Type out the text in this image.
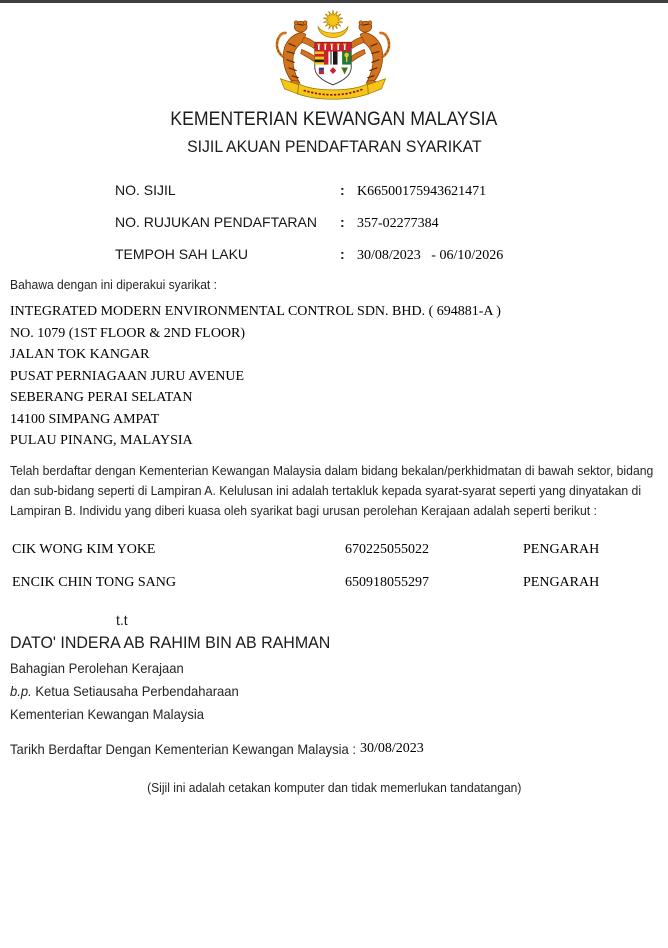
KEMENTERIAN KEWANGAN MALAYSIA
SIJIL AKUAN PENDAFTARAN SYARIKAT
NO. SIJIL	: K66500175943621471
NO. RUJUKAN PENDAFTARAN	: 357-02277384
TEMPOH SAH LAKU	: 30/08/2023   - 06/10/2026
Bahawa dengan ini diperakui syarikat :
INTEGRATED MODERN ENVIRONMENTAL CONTROL SDN. BHD. ( 694881-A )
NO. 1079 (1ST FLOOR & 2ND FLOOR)
JALAN TOK KANGAR
PUSAT PERNIAGAAN JURU AVENUE
SEBERANG PERAI SELATAN
14100 SIMPANG AMPAT
PULAU PINANG, MALAYSIA
Telah berdaftar dengan Kementerian Kewangan Malaysia dalam bidang bekalan/perkhidmatan di bawah sektor, bidang
dan sub-bidang seperti di Lampiran A. Kelulusan ini adalah tertakluk kepada syarat-syarat seperti yang dinyatakan di
Lampiran B. Individu yang diberi kuasa oleh syarikat bagi urusan perolehan Kerajaan adalah seperti berikut :
CIK WONG KIM YOKE	670225055022	PENGARAH
ENCIK CHIN TONG SANG	650918055297	PENGARAH
t.t
DATO' INDERA AB RAHIM BIN AB RAHMAN
Bahagian Perolehan Kerajaan
b.p. Ketua Setiausaha Perbendaharaan
Kementerian Kewangan Malaysia
Tarikh Berdaftar Dengan Kementerian Kewangan Malaysia : 30/08/2023
(Sijil ini adalah cetakan komputer dan tidak memerlukan tandatangan)
